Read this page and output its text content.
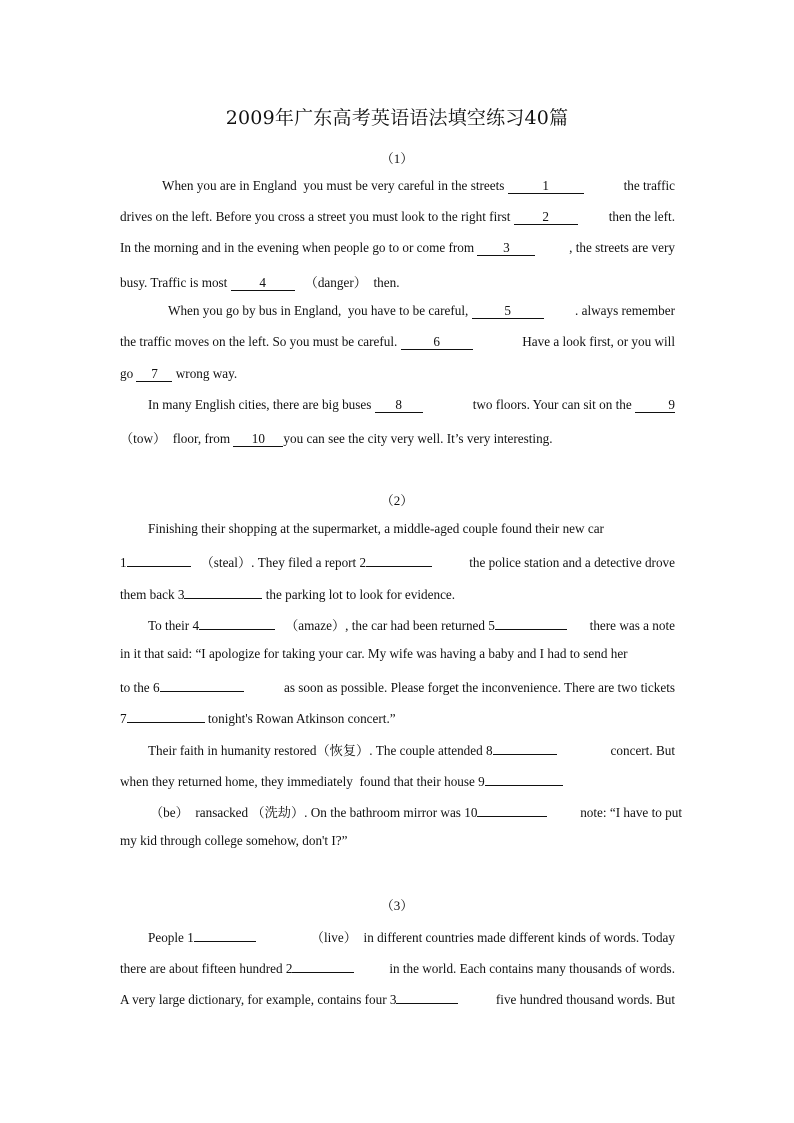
2009年广东高考英语语法填空练习40篇
（1）
When you are in England  you must be very careful in the streets	1	the traffic
drives on the left. Before you cross a street you must look to the right first	2	then the left.
In the morning and in the evening when people go to or come from	3	, the streets are very
busy. Traffic is most	4	（danger）  then.
When you go by bus in England,  you have to be careful,	5	. always remember
the traffic moves on the left. So you must be careful.	6	Have a look first, or you will
go	7	wrong way.
In many English cities, there are big buses	8	two floors. Your can sit on the	9
（tow）  floor, from	10	you can see the city very well. It’s very interesting.
（2）
Finishing their shopping at the supermarket, a middle-aged couple found their new car
1	（steal）. They filed a report 2	the police station and a detective drove
them back 3	the parking lot to look for evidence.
To their 4	（amaze）, the car had been returned 5	there was a note
in it that said: “I apologize for taking your car. My wife was having a baby and I had to send her
to the 6	as soon as possible. Please forget the inconvenience. There are two tickets
7	tonight's Rowan Atkinson concert.”
Their faith in humanity restored（恢复）. The couple attended 8	concert. But
when they returned home, they immediately  found that their house 9
（be）  ransacked （洗劫）. On the bathroom mirror was 10	note: “I have to put
my kid through college somehow, don't I?”
（3）
People 1	（live）  in different countries made different kinds of words. Today
there are about fifteen hundred 2	in the world. Each contains many thousands of words.
A very large dictionary, for example, contains four 3	five hundred thousand words. But
